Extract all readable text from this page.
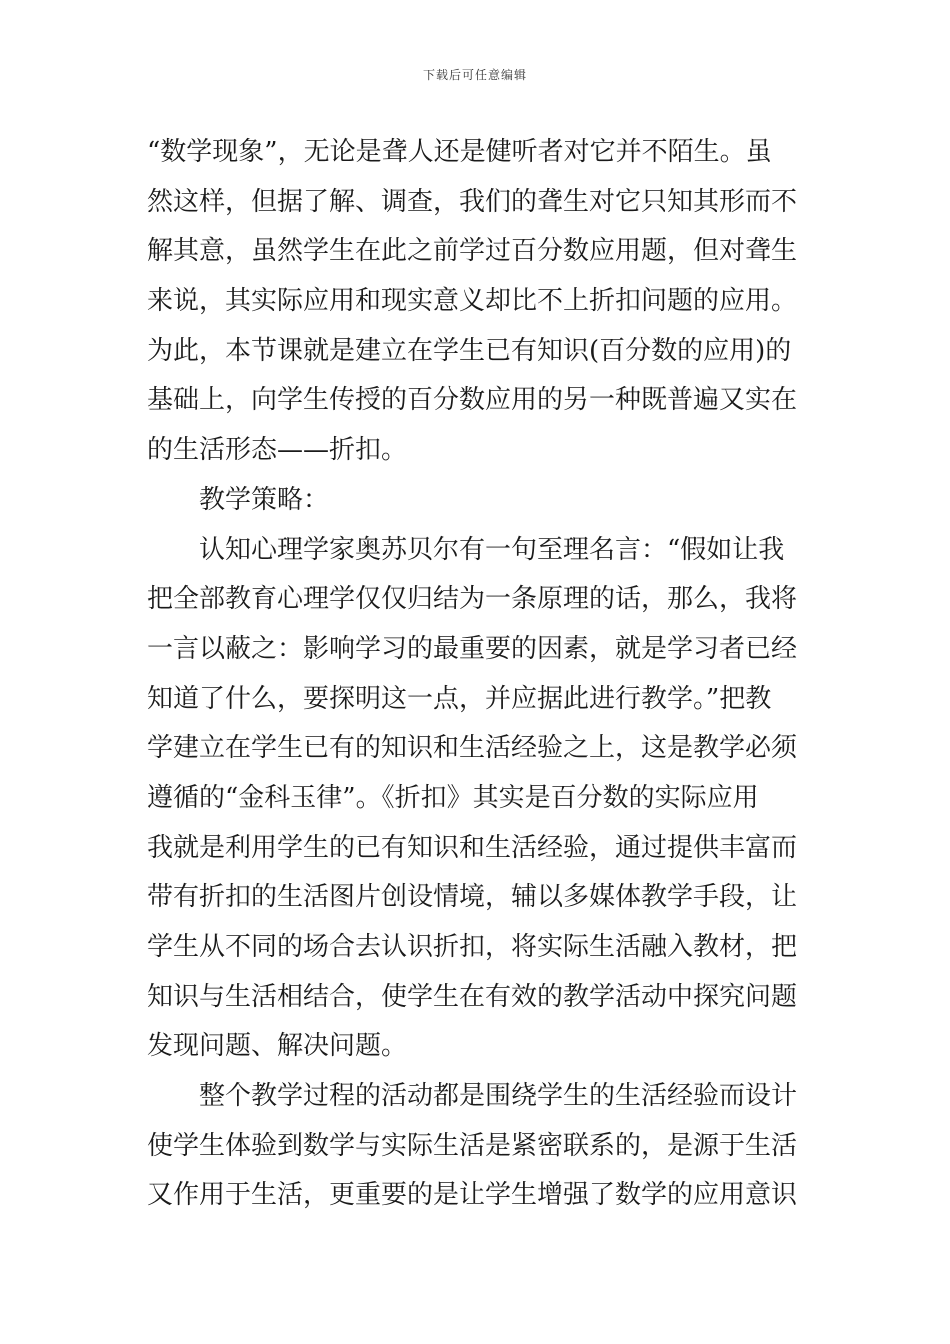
下载后可任意编辑
“数学现象”，无论是聋人还是健听者对它并不陌生。虽
然这样，但据了解、调查，我们的聋生对它只知其形而不
解其意，虽然学生在此之前学过百分数应用题，但对聋生
来说，其实际应用和现实意义却比不上折扣问题的应用。
为此，本节课就是建立在学生已有知识(百分数的应用)的
基础上，向学生传授的百分数应用的另一种既普遍又实在
的生活形态——折扣。
教学策略：
认知心理学家奥苏贝尔有一句至理名言：“假如让我
把全部教育心理学仅仅归结为一条原理的话，那么，我将
一言以蔽之：影响学习的最重要的因素，就是学习者已经
知道了什么，要探明这一点，并应据此进行教学。”把教
学建立在学生已有的知识和生活经验之上，这是教学必须
遵循的“金科玉律”。《折扣》其实是百分数的实际应用
我就是利用学生的已有知识和生活经验，通过提供丰富而
带有折扣的生活图片创设情境，辅以多媒体教学手段，让
学生从不同的场合去认识折扣，将实际生活融入教材，把
知识与生活相结合，使学生在有效的教学活动中探究问题
发现问题、解决问题。
整个教学过程的活动都是围绕学生的生活经验而设计
使学生体验到数学与实际生活是紧密联系的，是源于生活
又作用于生活，更重要的是让学生增强了数学的应用意识
